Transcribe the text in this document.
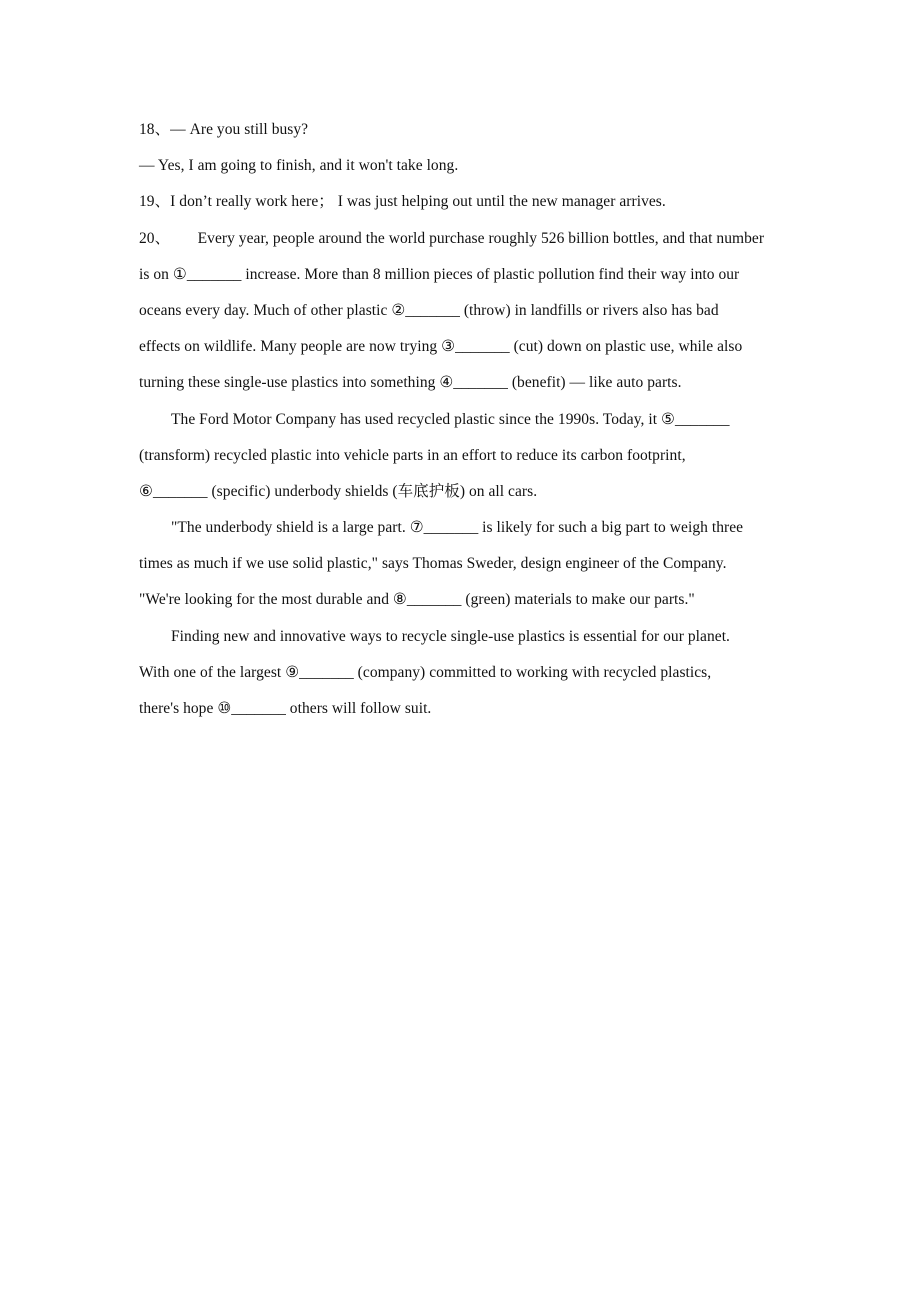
18、— Are you still busy?
— Yes, I am going to finish, and it won't take long.
19、I don’t really work here； I was just helping out until the new manager arrives.
20、       Every year, people around the world purchase roughly 526 billion bottles, and that number
is on ①_______ increase. More than 8 million pieces of plastic pollution find their way into our
oceans every day. Much of other plastic ②_______ (throw) in landfills or rivers also has bad
effects on wildlife. Many people are now trying ③_______ (cut) down on plastic use, while also
turning these single-use plastics into something ④_______ (benefit) — like auto parts.
The Ford Motor Company has used recycled plastic since the 1990s. Today, it ⑤_______
(transform) recycled plastic into vehicle parts in an effort to reduce its carbon footprint,
⑥_______ (specific) underbody shields (车底护板) on all cars.
"The underbody shield is a large part. ⑦_______ is likely for such a big part to weigh three
times as much if we use solid plastic," says Thomas Sweder, design engineer of the Company.
"We're looking for the most durable and ⑧_______ (green) materials to make our parts."
Finding new and innovative ways to recycle single-use plastics is essential for our planet.
With one of the largest ⑨_______ (company) committed to working with recycled plastics,
there's hope ⑩_______ others will follow suit.
